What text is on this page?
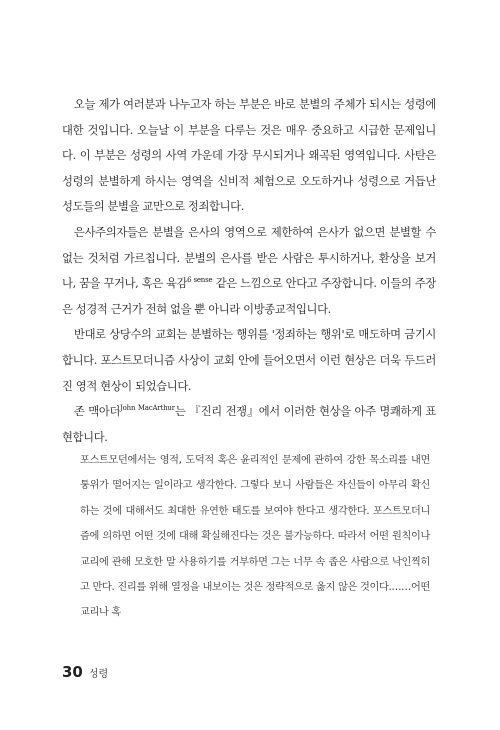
오늘 제가 여러분과 나누고자 하는 부분은 바로 분별의 주체가 되시는 성령에 대한 것입니다. 오늘날 이 부분을 다루는 것은 매우 중요하고 시급한 문제입니다. 이 부분은 성령의 사역 가운데 가장 무시되거나 왜곡된 영역입니다. 사탄은 성령의 분별하게 하시는 영역을 신비적 체험으로 오도하거나 성령으로 거듭난 성도들의 분별을 교만으로 정죄합니다.

은사주의자들은 분별을 은사의 영역으로 제한하여 은사가 없으면 분별할 수 없는 것처럼 가르칩니다. 분별의 은사를 받은 사람은 투시하거나, 환상을 보거나, 꿈을 꾸거나, 혹은 육감$^{6 sense}$ 같은 느낌으로 안다고 주장합니다. 이들의 주장은 성경적 근거가 전혀 없을 뿐 아니라 이방종교적입니다.

반대로 상당수의 교회는 분별하는 행위를 '정죄하는 행위'로 매도하며 금기시합니다. 포스트모더니즘 사상이 교회 안에 들어오면서 이런 현상은 더욱 두드러진 영적 현상이 되었습니다.

존 맥아더$^{John MacArthur}$는 『진리 전쟁』에서 이러한 현상을 아주 명쾌하게 표현합니다.

포스트모던에서는 영적, 도덕적 혹은 윤리적인 문제에 관하여 강한 목소리를 내면 퉁위가 떨어지는 일이라고 생각한다. 그렇다 보니 사람들은 자신들이 아무리 확신하는 것에 대해서도 최대한 유연한 태도를 보여야 한다고 생각한다. 포스트모더니즘에 의하면 어떤 것에 대해 확실해진다는 것은 불가능하다. 따라서 어떤 원칙이나 교리에 관해 모호한 말 사용하기를 거부하면 그는 너무 속 좁은 사람으로 낙인찍히고 만다. 진리를 위해 열정을 내보이는 것은 정략적으로 옳지 않은 것이다.……어떤 교리나 혹

30 성령
